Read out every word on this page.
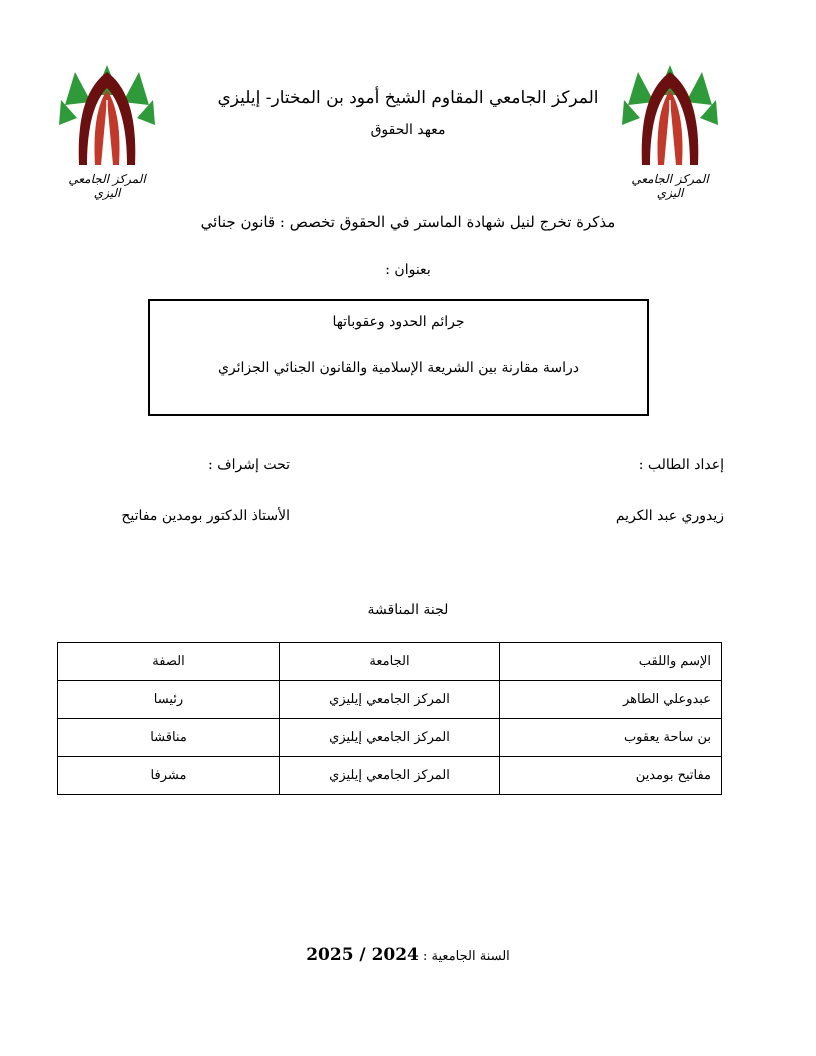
المركز الجامعي اليزي
المركز الجامعي اليزي
المركز الجامعي المقاوم الشيخ أمود بن المختار- إيليزي
معهد الحقوق
مذكرة تخرج لنيل شهادة الماستر في الحقوق تخصص : قانون جنائي
بعنوان :
جرائم الحدود وعقوباتها
دراسة مقارنة بين الشريعة الإسلامية والقانون الجنائي الجزائري
إعداد الطالب :
تحت إشراف :
زيدوري عبد الكريم
الأستاذ الدكتور بومدين مفاتيح
لجنة المناقشة
الإسم واللقب	الجامعة	الصفة
عبدوعلي الطاهر	المركز الجامعي إيليزي	رئيسا
بن ساحة يعقوب	المركز الجامعي إيليزي	مناقشا
مفاتيح بومدين	المركز الجامعي إيليزي	مشرفا
السنة الجامعية : 2025 / 2024
